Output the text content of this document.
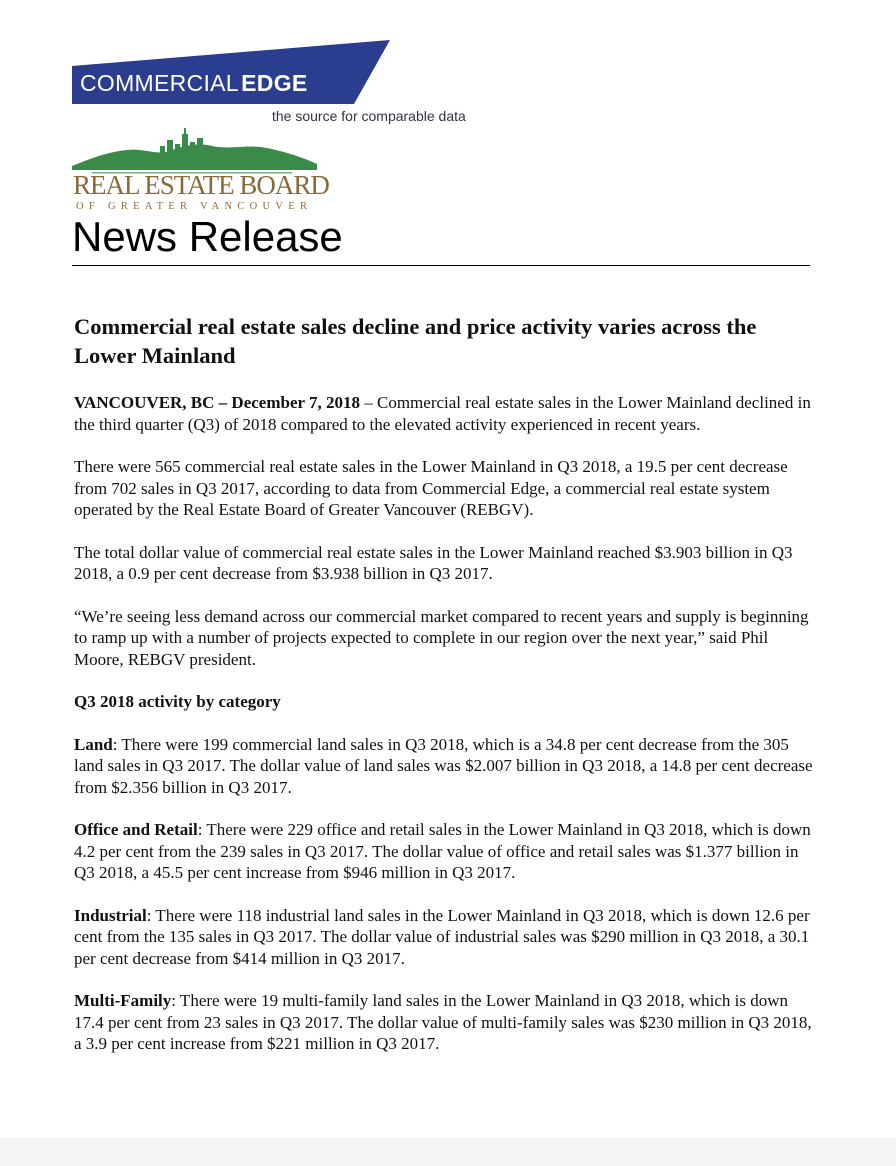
COMMERCIAL EDGE
the source for comparable data
REAL ESTATE BOARD
OF GREATER VANCOUVER
News Release
Commercial real estate sales decline and price activity varies across the Lower Mainland
VANCOUVER, BC – December 7, 2018 – Commercial real estate sales in the Lower Mainland declined in the third quarter (Q3) of 2018 compared to the elevated activity experienced in recent years.
There were 565 commercial real estate sales in the Lower Mainland in Q3 2018, a 19.5 per cent decrease from 702 sales in Q3 2017, according to data from Commercial Edge, a commercial real estate system operated by the Real Estate Board of Greater Vancouver (REBGV).
The total dollar value of commercial real estate sales in the Lower Mainland reached $3.903 billion in Q3 2018, a 0.9 per cent decrease from $3.938 billion in Q3 2017.
“We’re seeing less demand across our commercial market compared to recent years and supply is beginning to ramp up with a number of projects expected to complete in our region over the next year,” said Phil Moore, REBGV president.
Q3 2018 activity by category
Land: There were 199 commercial land sales in Q3 2018, which is a 34.8 per cent decrease from the 305 land sales in Q3 2017. The dollar value of land sales was $2.007 billion in Q3 2018, a 14.8 per cent decrease from $2.356 billion in Q3 2017.
Office and Retail: There were 229 office and retail sales in the Lower Mainland in Q3 2018, which is down 4.2 per cent from the 239 sales in Q3 2017. The dollar value of office and retail sales was $1.377 billion in Q3 2018, a 45.5 per cent increase from $946 million in Q3 2017.
Industrial: There were 118 industrial land sales in the Lower Mainland in Q3 2018, which is down 12.6 per cent from the 135 sales in Q3 2017. The dollar value of industrial sales was $290 million in Q3 2018, a 30.1 per cent decrease from $414 million in Q3 2017.
Multi-Family: There were 19 multi-family land sales in the Lower Mainland in Q3 2018, which is down 17.4 per cent from 23 sales in Q3 2017. The dollar value of multi-family sales was $230 million in Q3 2018, a 3.9 per cent increase from $221 million in Q3 2017.
